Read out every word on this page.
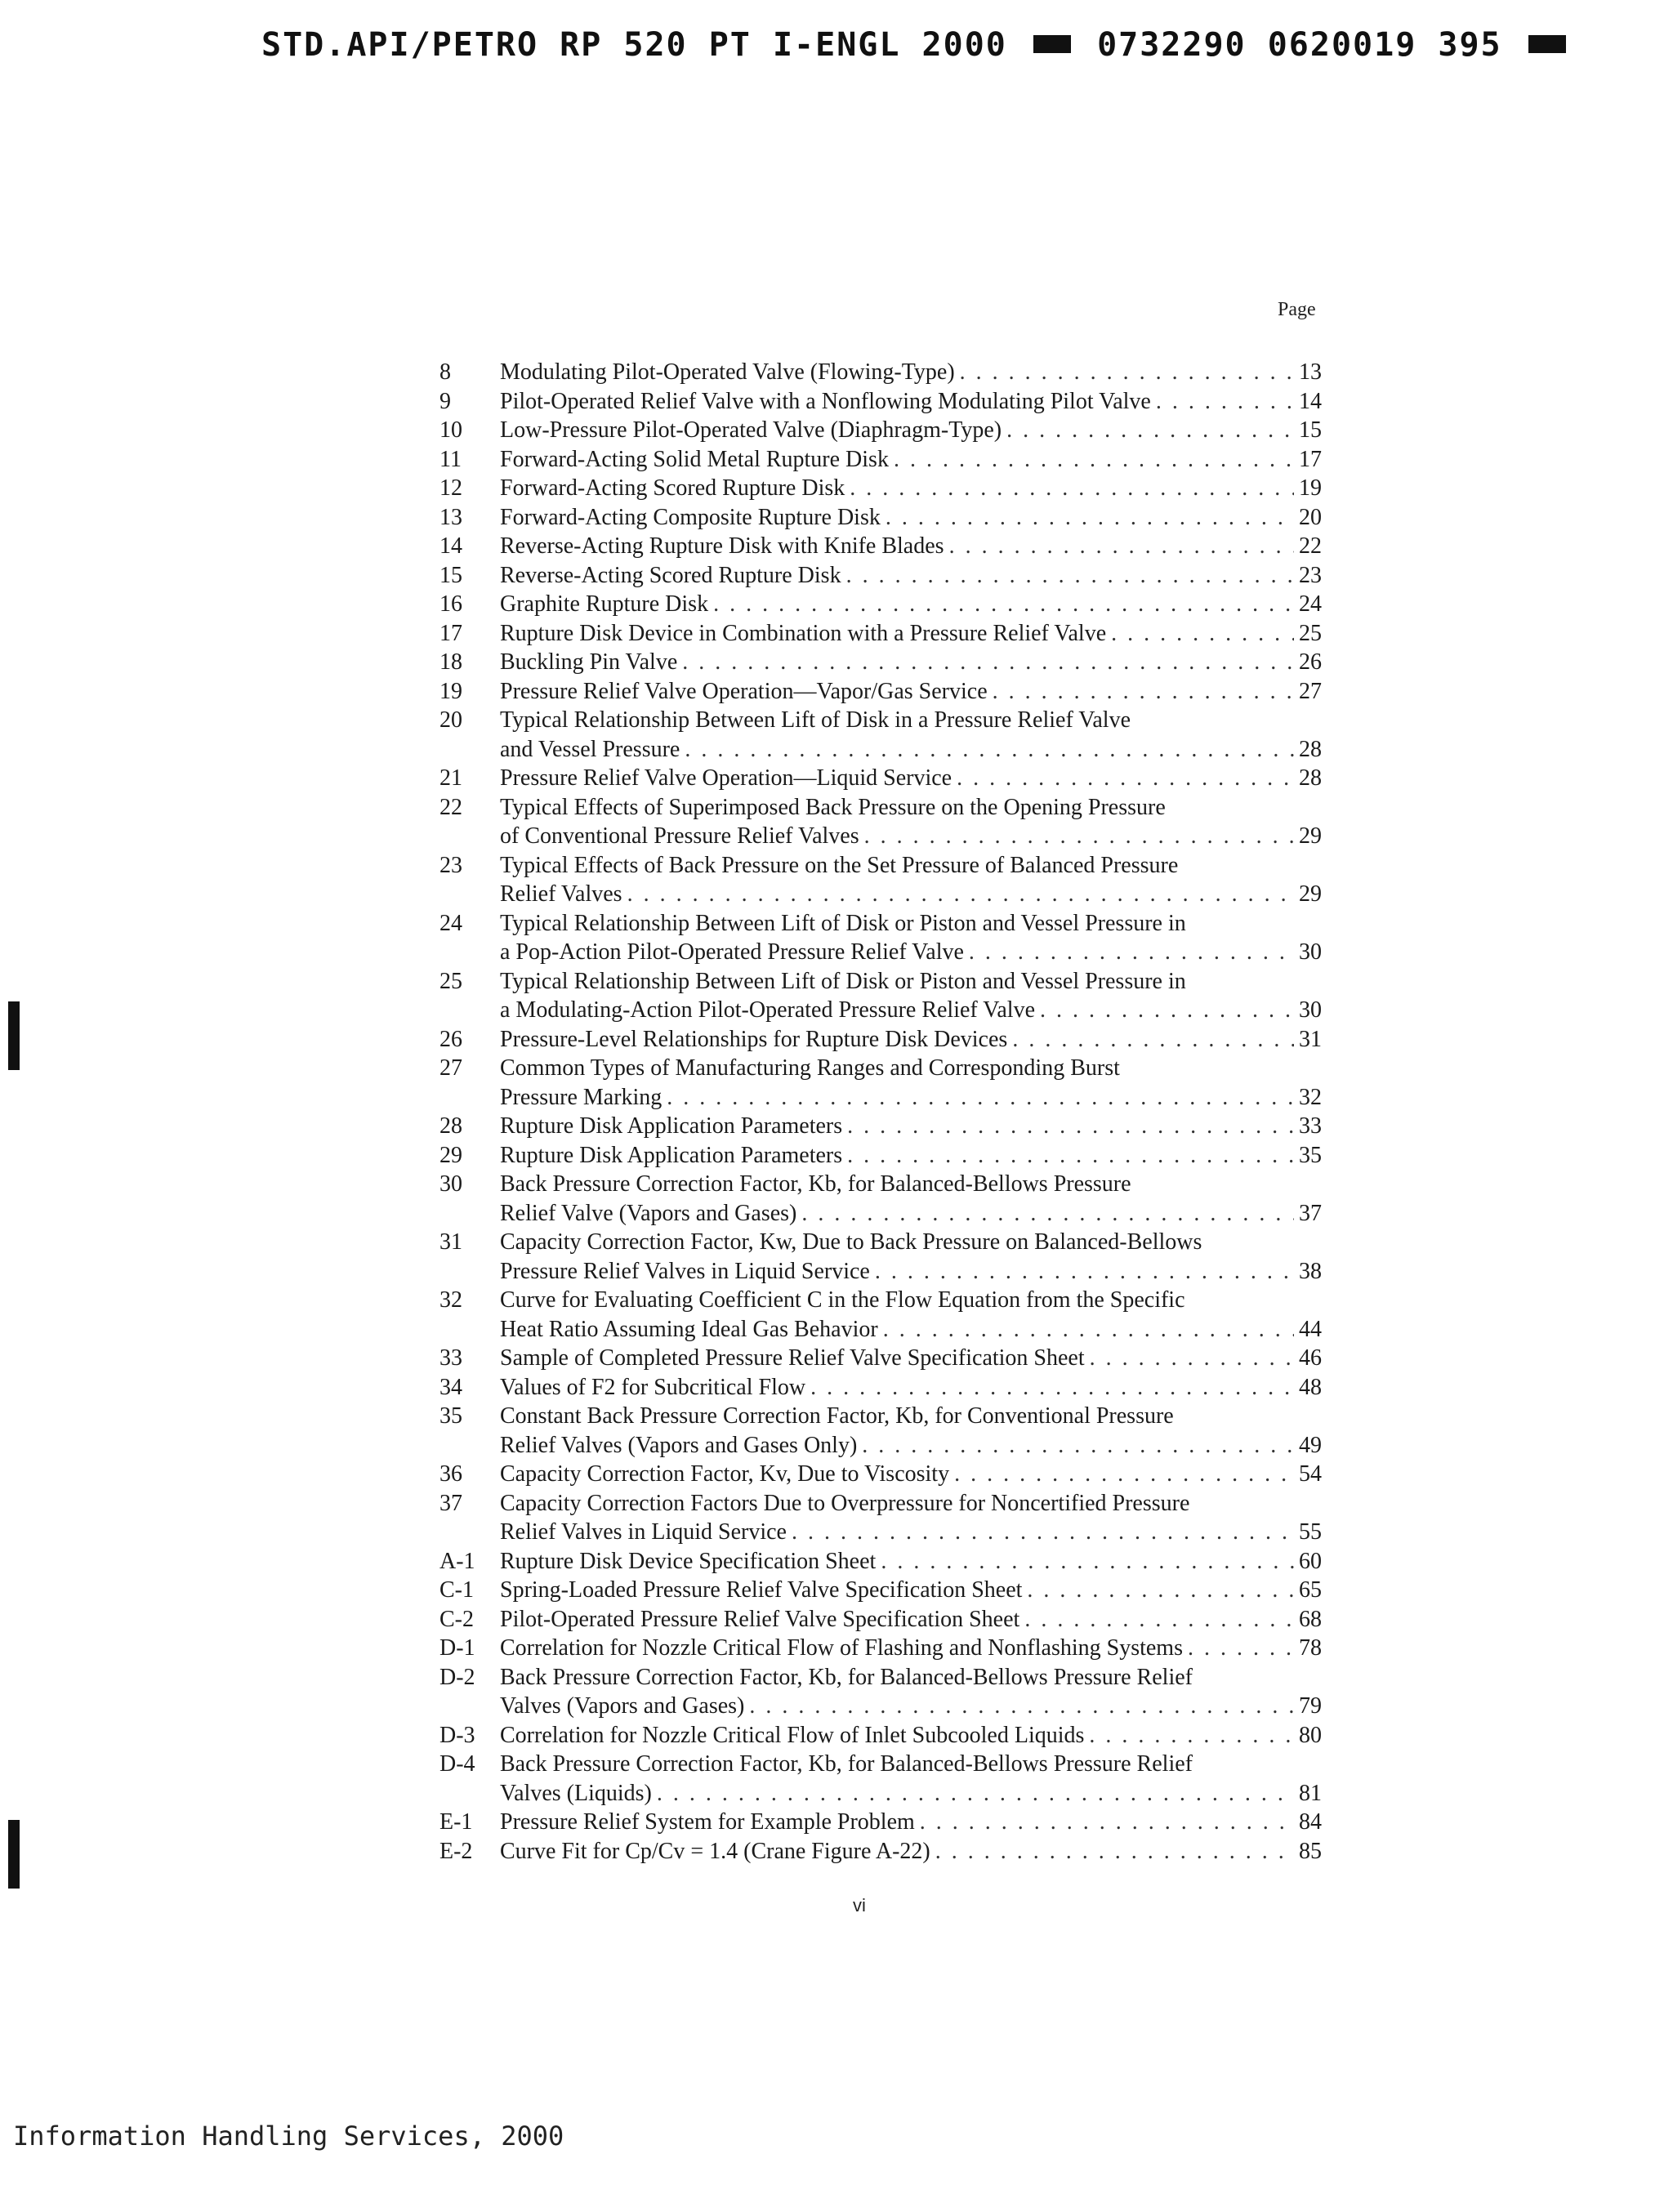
STD.API/PETRO RP 520 PT I-ENGL 2000	0732290 0620019 395
Page
8	Modulating Pilot-Operated Valve (Flowing-Type) . . .	13
9	Pilot-Operated Relief Valve with a Nonflowing Modulating Pilot Valve . . .	14
10	Low-Pressure Pilot-Operated Valve (Diaphragm-Type) . . .	15
11	Forward-Acting Solid Metal Rupture Disk . . .	17
12	Forward-Acting Scored Rupture Disk . . .	19
13	Forward-Acting Composite Rupture Disk . . .	20
14	Reverse-Acting Rupture Disk with Knife Blades . . .	22
15	Reverse-Acting Scored Rupture Disk . . .	23
16	Graphite Rupture Disk . . .	24
17	Rupture Disk Device in Combination with a Pressure Relief Valve . . .	25
18	Buckling Pin Valve . . .	26
19	Pressure Relief Valve Operation—Vapor/Gas Service . . .	27
20	Typical Relationship Between Lift of Disk in a Pressure Relief Valve
and Vessel Pressure . . .	28
21	Pressure Relief Valve Operation—Liquid Service . . .	28
22	Typical Effects of Superimposed Back Pressure on the Opening Pressure
of Conventional Pressure Relief Valves . . .	29
23	Typical Effects of Back Pressure on the Set Pressure of Balanced Pressure
Relief Valves . . .	29
24	Typical Relationship Between Lift of Disk or Piston and Vessel Pressure in
a Pop-Action Pilot-Operated Pressure Relief Valve . . .	30
25	Typical Relationship Between Lift of Disk or Piston and Vessel Pressure in
a Modulating-Action Pilot-Operated Pressure Relief Valve . . .	30
26	Pressure-Level Relationships for Rupture Disk Devices . . .	31
27	Common Types of Manufacturing Ranges and Corresponding Burst
Pressure Marking . . .	32
28	Rupture Disk Application Parameters . . .	33
29	Rupture Disk Application Parameters . . .	35
30	Back Pressure Correction Factor, Kb, for Balanced-Bellows Pressure
Relief Valve (Vapors and Gases) . . .	37
31	Capacity Correction Factor, Kw, Due to Back Pressure on Balanced-Bellows
Pressure Relief Valves in Liquid Service . . .	38
32	Curve for Evaluating Coefficient C in the Flow Equation from the Specific
Heat Ratio Assuming Ideal Gas Behavior . . .	44
33	Sample of Completed Pressure Relief Valve Specification Sheet . . .	46
34	Values of F2 for Subcritical Flow . . .	48
35	Constant Back Pressure Correction Factor, Kb, for Conventional Pressure
Relief Valves (Vapors and Gases Only) . . .	49
36	Capacity Correction Factor, Kv, Due to Viscosity . . .	54
37	Capacity Correction Factors Due to Overpressure for Noncertified Pressure
Relief Valves in Liquid Service . . .	55
A-1	Rupture Disk Device Specification Sheet . . .	60
C-1	Spring-Loaded Pressure Relief Valve Specification Sheet . . .	65
C-2	Pilot-Operated Pressure Relief Valve Specification Sheet . . .	68
D-1	Correlation for Nozzle Critical Flow of Flashing and Nonflashing Systems . . .	78
D-2	Back Pressure Correction Factor, Kb, for Balanced-Bellows Pressure Relief
Valves (Vapors and Gases) . . .	79
D-3	Correlation for Nozzle Critical Flow of Inlet Subcooled Liquids . . .	80
D-4	Back Pressure Correction Factor, Kb, for Balanced-Bellows Pressure Relief
Valves (Liquids) . . .	81
E-1	Pressure Relief System for Example Problem . . .	84
E-2	Curve Fit for Cp/Cv = 1.4 (Crane Figure A-22) . . .	85
vi
Information Handling Services, 2000
